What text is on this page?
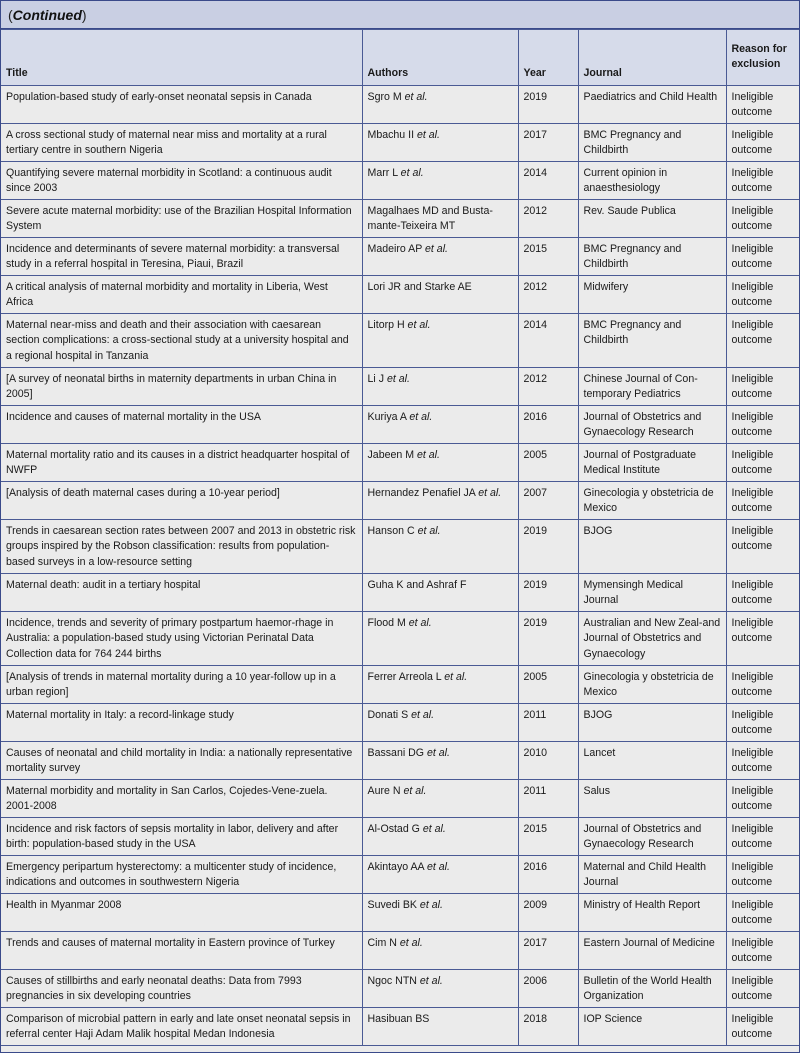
(Continued)
Title	Authors	Year	Journal	Reason for exclusion
Population-based study of early-onset neonatal sepsis in Canada	Sgro M et al.	2019	Paediatrics and Child Health	Ineligible outcome
A cross sectional study of maternal near miss and mortality at a rural tertiary centre in southern Nigeria	Mbachu II et al.	2017	BMC Pregnancy and Childbirth	Ineligible outcome
Quantifying severe maternal morbidity in Scotland: a continuous audit since 2003	Marr L et al.	2014	Current opinion in anaesthesiology	Ineligible outcome
Severe acute maternal morbidity: use of the Brazilian Hospital Information System	Magalhaes MD and Busta-mante-Teixeira MT	2012	Rev. Saude Publica	Ineligible outcome
Incidence and determinants of severe maternal morbidity: a transversal study in a referral hospital in Teresina, Piaui, Brazil	Madeiro AP et al.	2015	BMC Pregnancy and Childbirth	Ineligible outcome
A critical analysis of maternal morbidity and mortality in Liberia, West Africa	Lori JR and Starke AE	2012	Midwifery	Ineligible outcome
Maternal near-miss and death and their association with caesarean section complications: a cross-sectional study at a university hospital and a regional hospital in Tanzania	Litorp H et al.	2014	BMC Pregnancy and Childbirth	Ineligible outcome
[A survey of neonatal births in maternity departments in urban China in 2005]	Li J et al.	2012	Chinese Journal of Con-temporary Pediatrics	Ineligible outcome
Incidence and causes of maternal mortality in the USA	Kuriya A et al.	2016	Journal of Obstetrics and Gynaecology Research	Ineligible outcome
Maternal mortality ratio and its causes in a district headquarter hospital of NWFP	Jabeen M et al.	2005	Journal of Postgraduate Medical Institute	Ineligible outcome
[Analysis of death maternal cases during a 10-year period]	Hernandez Penafiel JA et al.	2007	Ginecologia y obstetricia de Mexico	Ineligible outcome
Trends in caesarean section rates between 2007 and 2013 in obstetric risk groups inspired by the Robson classification: results from population-based surveys in a low-resource setting	Hanson C et al.	2019	BJOG	Ineligible outcome
Maternal death: audit in a tertiary hospital	Guha K and Ashraf F	2019	Mymensingh Medical Journal	Ineligible outcome
Incidence, trends and severity of primary postpartum haemor-rhage in Australia: a population-based study using Victorian Perinatal Data Collection data for 764 244 births	Flood M et al.	2019	Australian and New Zeal-and Journal of Obstetrics and Gynaecology	Ineligible outcome
[Analysis of trends in maternal mortality during a 10 year-follow up in a urban region]	Ferrer Arreola L et al.	2005	Ginecologia y obstetricia de Mexico	Ineligible outcome
Maternal mortality in Italy: a record-linkage study	Donati S et al.	2011	BJOG	Ineligible outcome
Causes of neonatal and child mortality in India: a nationally representative mortality survey	Bassani DG et al.	2010	Lancet	Ineligible outcome
Maternal morbidity and mortality in San Carlos, Cojedes-Vene-zuela. 2001-2008	Aure N et al.	2011	Salus	Ineligible outcome
Incidence and risk factors of sepsis mortality in labor, delivery and after birth: population-based study in the USA	Al-Ostad G et al.	2015	Journal of Obstetrics and Gynaecology Research	Ineligible outcome
Emergency peripartum hysterectomy: a multicenter study of incidence, indications and outcomes in southwestern Nigeria	Akintayo AA et al.	2016	Maternal and Child Health Journal	Ineligible outcome
Health in Myanmar 2008	Suvedi BK et al.	2009	Ministry of Health Report	Ineligible outcome
Trends and causes of maternal mortality in Eastern province of Turkey	Cim N et al.	2017	Eastern Journal of Medicine	Ineligible outcome
Causes of stillbirths and early neonatal deaths: Data from 7993 pregnancies in six developing countries	Ngoc NTN et al.	2006	Bulletin of the World Health Organization	Ineligible outcome
Comparison of microbial pattern in early and late onset neonatal sepsis in referral center Haji Adam Malik hospital Medan Indonesia	Hasibuan BS	2018	IOP Science	Ineligible outcome
